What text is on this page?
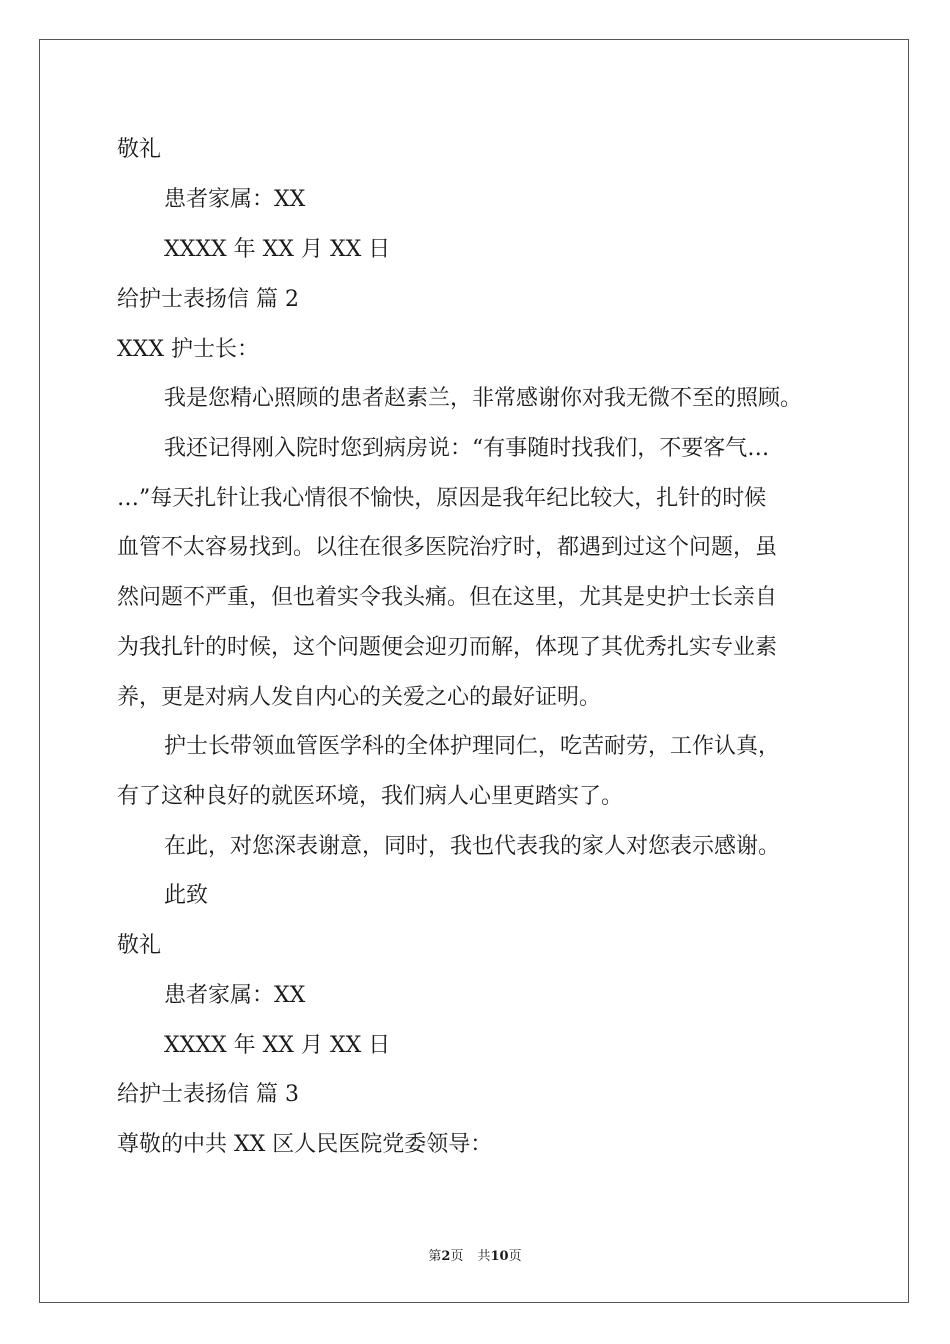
敬礼

患者家属：XX

XXXX 年 XX 月 XX 日

给护士表扬信 篇 2

XXX 护士长：

我是您精心照顾的患者赵素兰，非常感谢你对我无微不至的照顾。

我还记得刚入院时您到病房说：“有事随时找我们，不要客气…

…”每天扎针让我心情很不愉快，原因是我年纪比较大，扎针的时候

血管不太容易找到。以往在很多医院治疗时，都遇到过这个问题，虽

然问题不严重，但也着实令我头痛。但在这里，尤其是史护士长亲自

为我扎针的时候，这个问题便会迎刃而解，体现了其优秀扎实专业素

养，更是对病人发自内心的关爱之心的最好证明。

护士长带领血管医学科的全体护理同仁，吃苦耐劳，工作认真，

有了这种良好的就医环境，我们病人心里更踏实了。

在此，对您深表谢意，同时，我也代表我的家人对您表示感谢。

此致

敬礼

患者家属：XX

XXXX 年 XX 月 XX 日

给护士表扬信 篇 3

尊敬的中共 XX 区人民医院党委领导：

第2页 共10页
